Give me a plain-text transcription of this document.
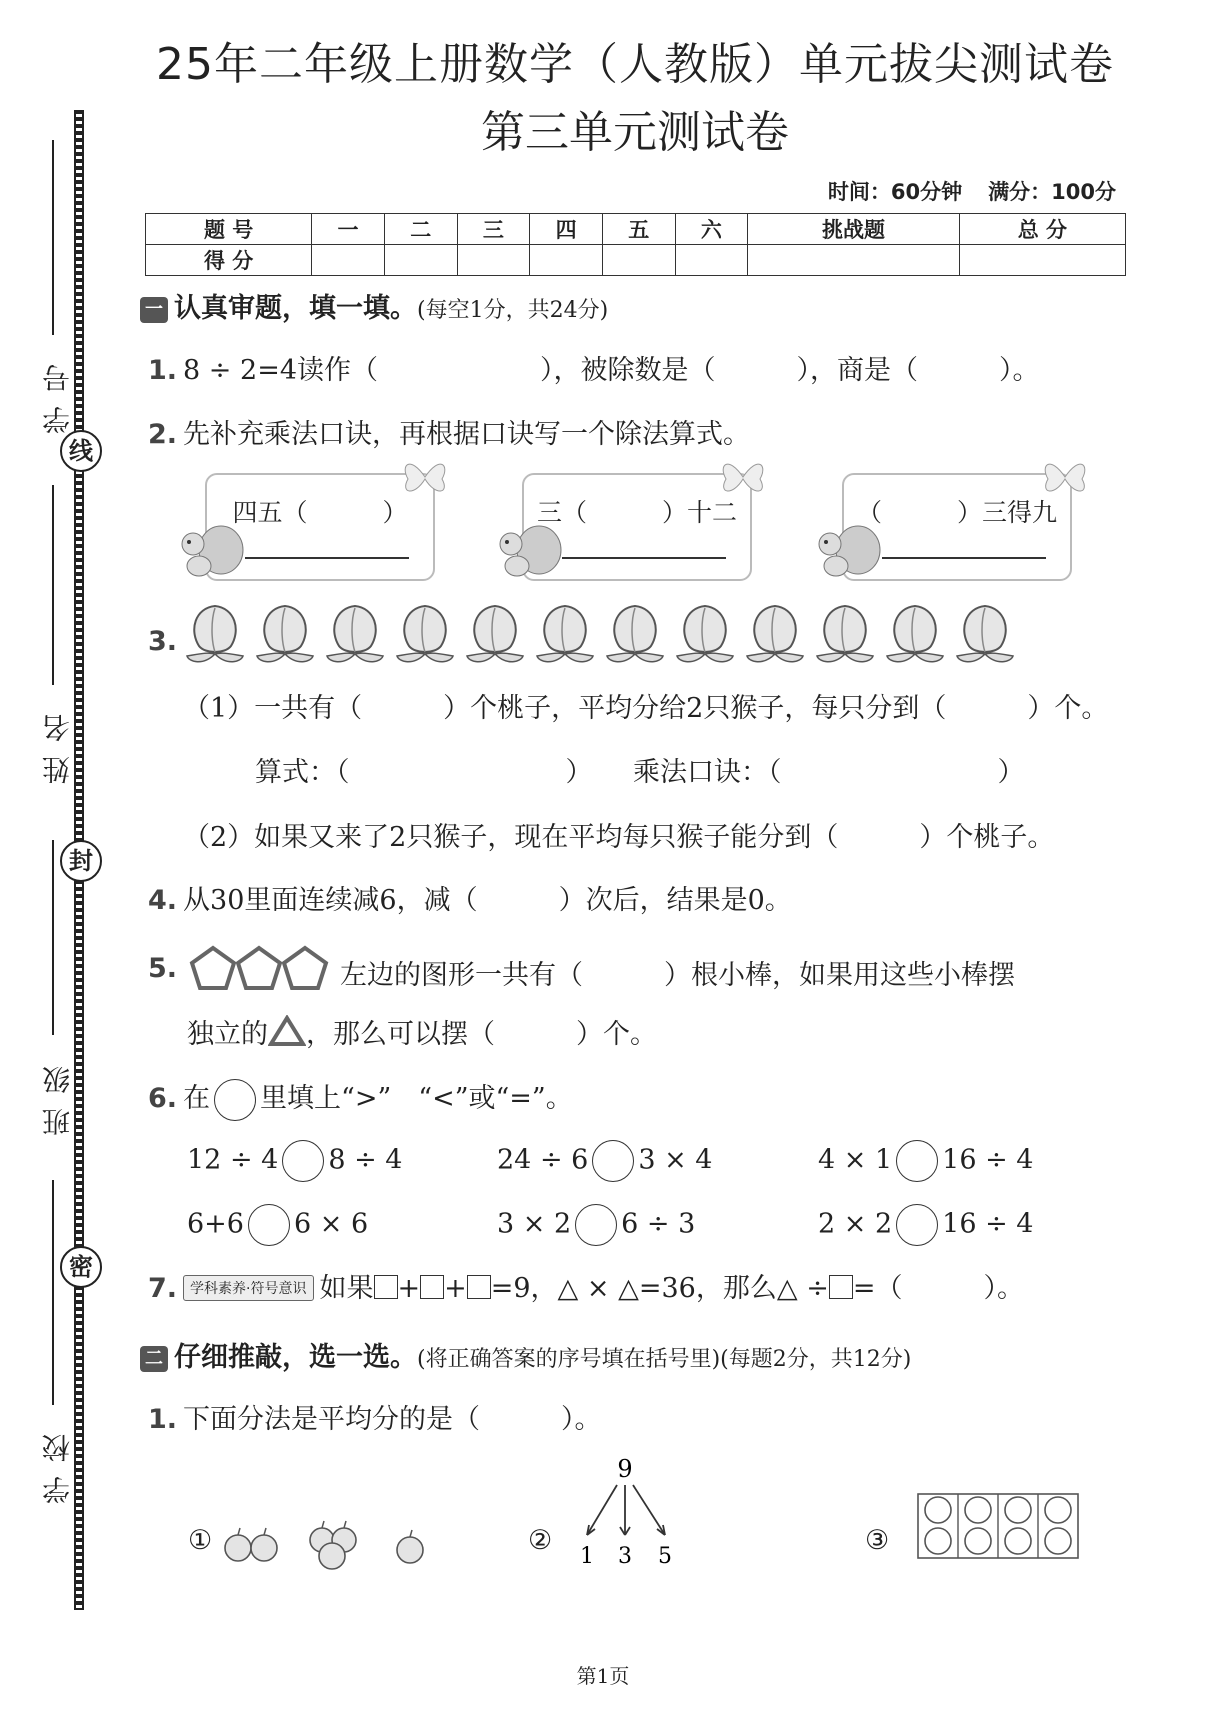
25年二年级上册数学（人教版）单元拔尖测试卷
第三单元测试卷
时间：60分钟 满分：100分
题 号	一	二	三	四	五	六	挑战题	总 分
得 分								
线
封
密
学号
姓名
班级
学校
一 认真审题，填一填。(每空1分，共24分)
1. 8 ÷ 2=4读作（　　　　　　），被除数是（　　　），商是（　　　）。
2. 先补充乘法口诀，再根据口诀写一个除法算式。
四五（　　　）	三（　　　）十二	（　　　）三得九
3.
（1）一共有（　　　）个桃子，平均分给2只猴子，每只分到（　　　）个。
算式：（　　　　　　　　）　　乘法口诀：（　　　　　　　　）
（2）如果又来了2只猴子，现在平均每只猴子能分到（　　　）个桃子。
4. 从30里面连续减6，减（　　　）次后，结果是0。
5.	左边的图形一共有（　　　）根小棒，如果用这些小棒摆
独立的 ，那么可以摆（　　　）个。
6. 在 里填上“>”　“<”或“=”。
12 ÷ 4 8 ÷ 4	24 ÷ 6 3 × 4	4 × 1 16 ÷ 4
6+6 6 × 6	3 × 2 6 ÷ 3	2 × 2 16 ÷ 4
7. 学科素养·符号意识 如果 + + =9，△ × △=36，那么△ ÷ =（　　　）。
二 仔细推敲，选一选。(将正确答案的序号填在括号里)(每题2分，共12分)
1. 下面分法是平均分的是（　　　）。
①	②
9
1 3 5
③
第1页
